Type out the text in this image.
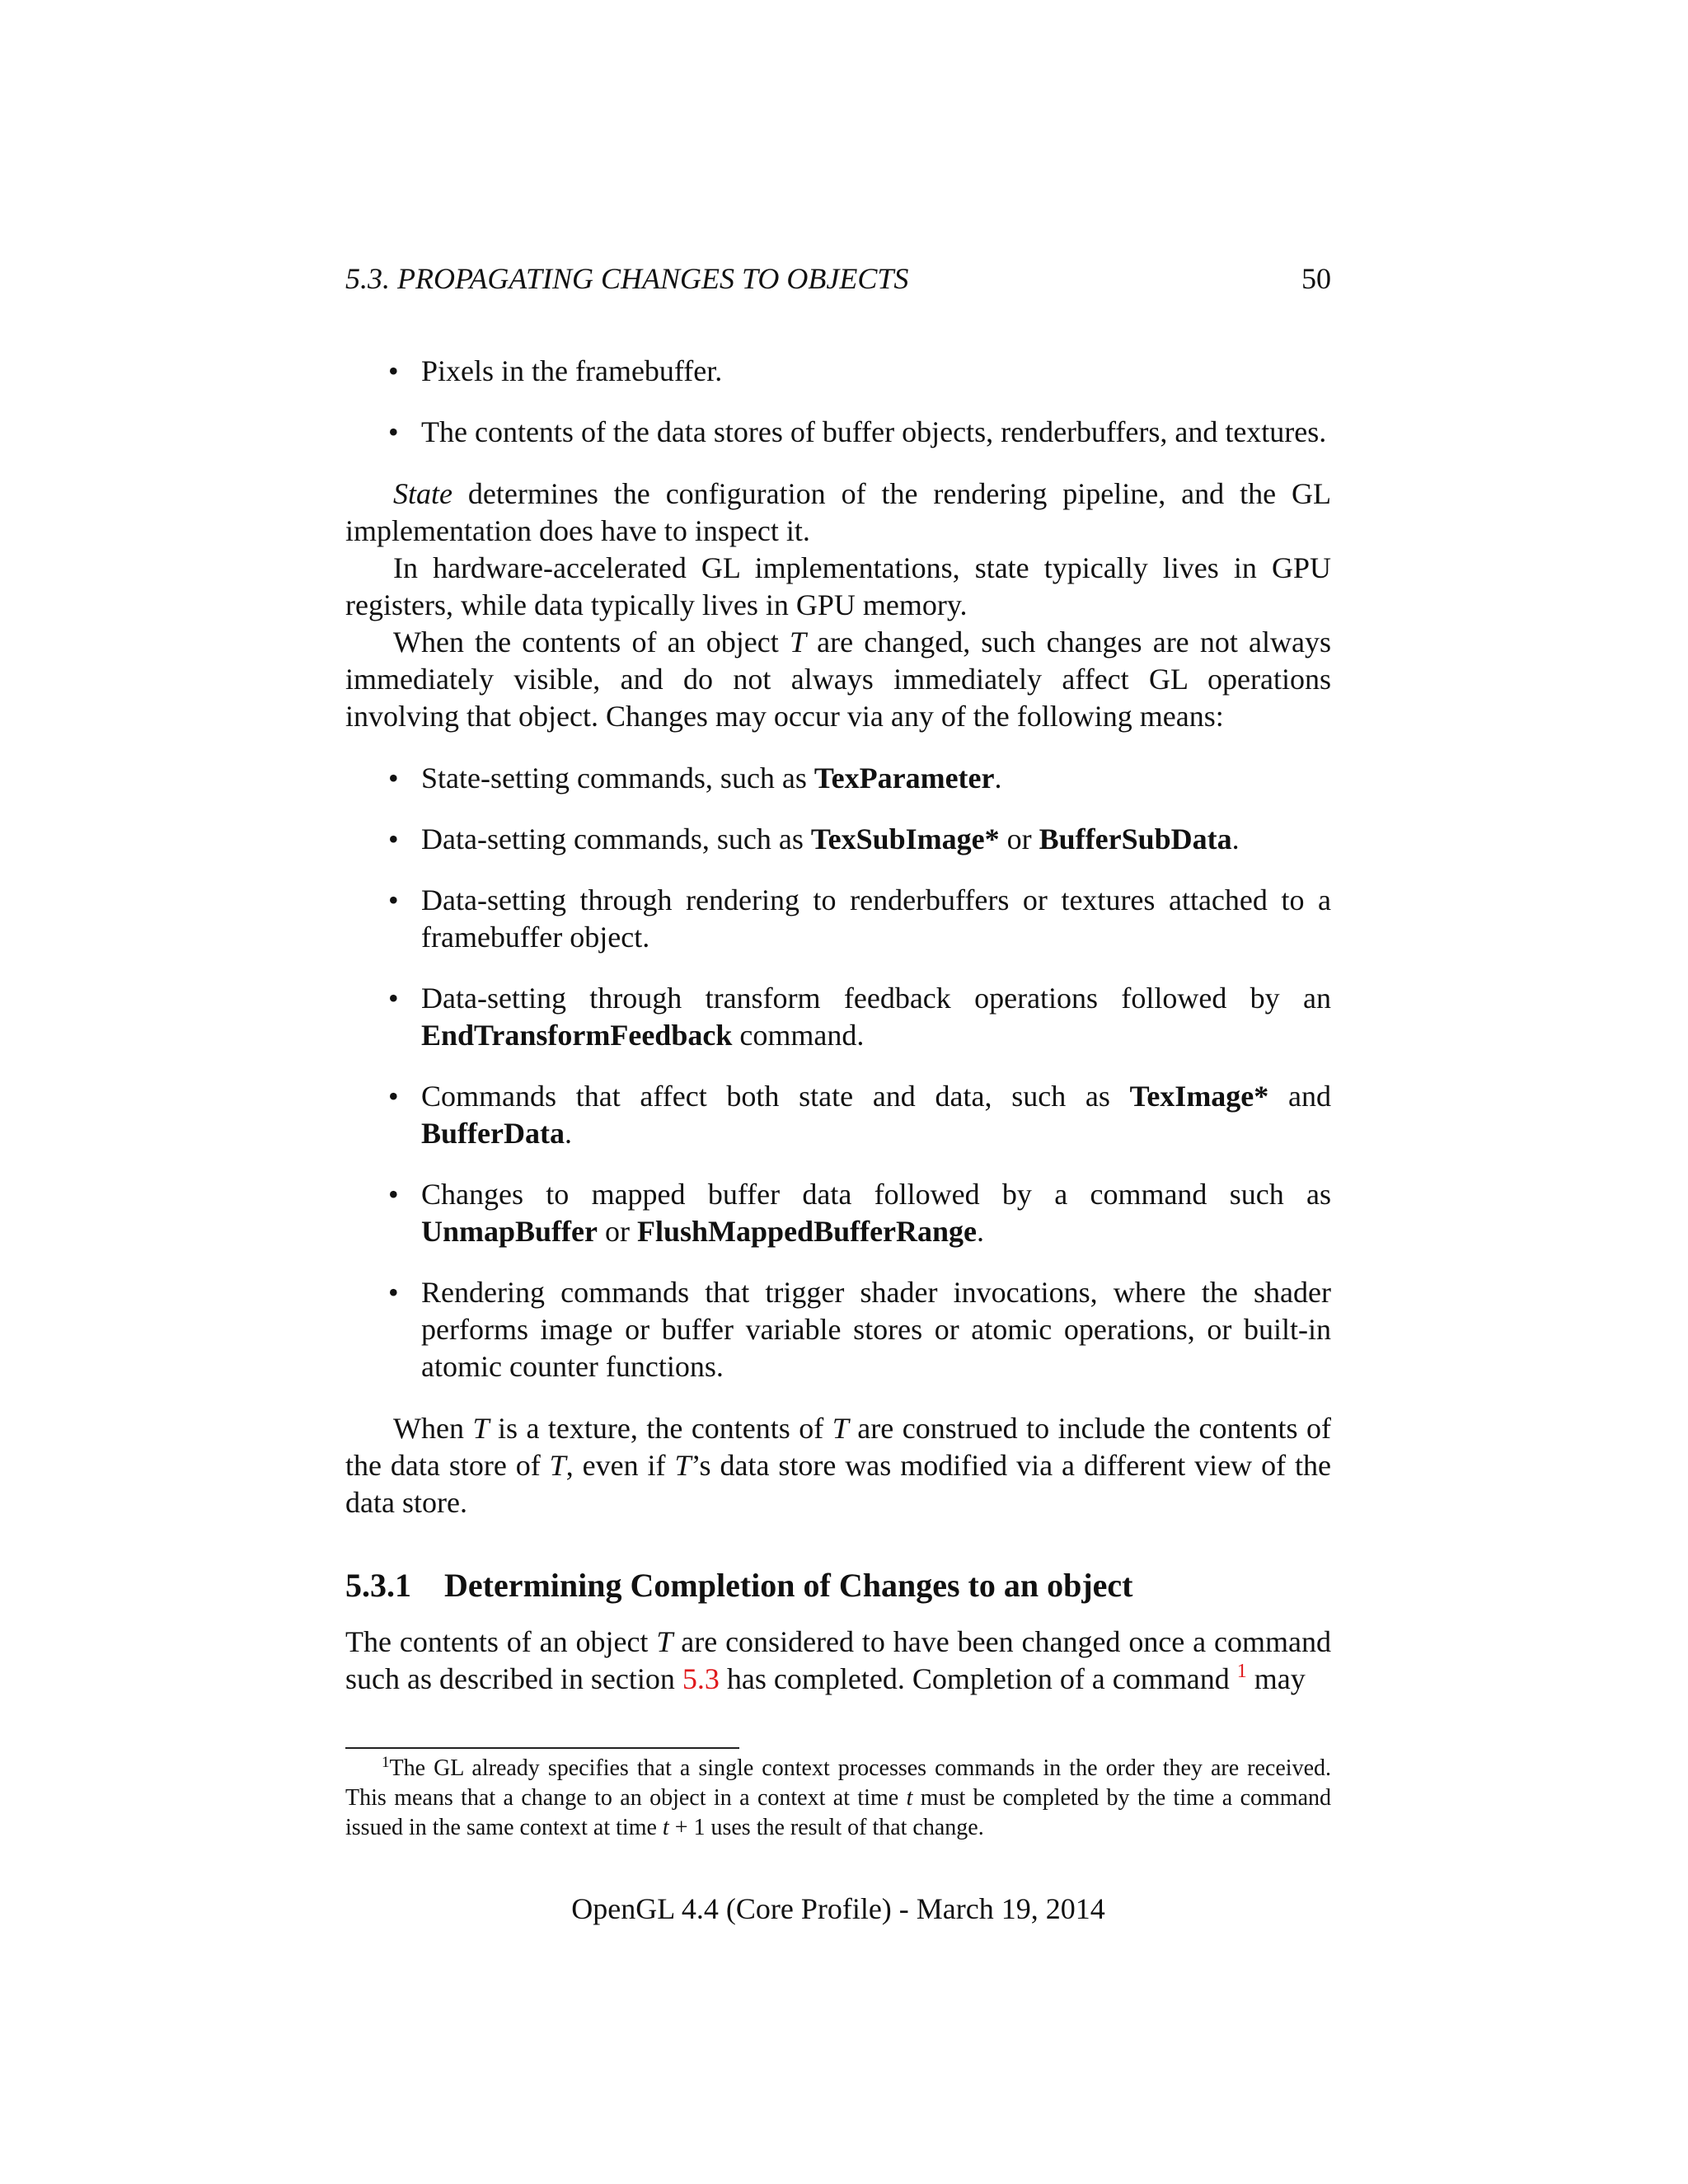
5.3. PROPAGATING CHANGES TO OBJECTS	50
• Pixels in the framebuffer.
• The contents of the data stores of buffer objects, renderbuffers, and textures.

State determines the configuration of the rendering pipeline, and the GL implementation does have to inspect it.

In hardware-accelerated GL implementations, state typically lives in GPU registers, while data typically lives in GPU memory.

When the contents of an object T are changed, such changes are not always immediately visible, and do not always immediately affect GL operations involving that object. Changes may occur via any of the following means:

• State-setting commands, such as TexParameter.
• Data-setting commands, such as TexSubImage* or BufferSubData.
• Data-setting through rendering to renderbuffers or textures attached to a framebuffer object.
• Data-setting through transform feedback operations followed by an EndTransformFeedback command.
• Commands that affect both state and data, such as TexImage* and BufferData.
• Changes to mapped buffer data followed by a command such as UnmapBuffer or FlushMappedBufferRange.
• Rendering commands that trigger shader invocations, where the shader performs image or buffer variable stores or atomic operations, or built-in atomic counter functions.

When T is a texture, the contents of T are construed to include the contents of the data store of T, even if T’s data store was modified via a different view of the data store.

5.3.1 Determining Completion of Changes to an object

The contents of an object T are considered to have been changed once a command such as described in section 5.3 has completed. Completion of a command $^1$ may

$^1$The GL already specifies that a single context processes commands in the order they are received. This means that a change to an object in a context at time t must be completed by the time a command issued in the same context at time t + 1 uses the result of that change.

OpenGL 4.4 (Core Profile) - March 19, 2014
